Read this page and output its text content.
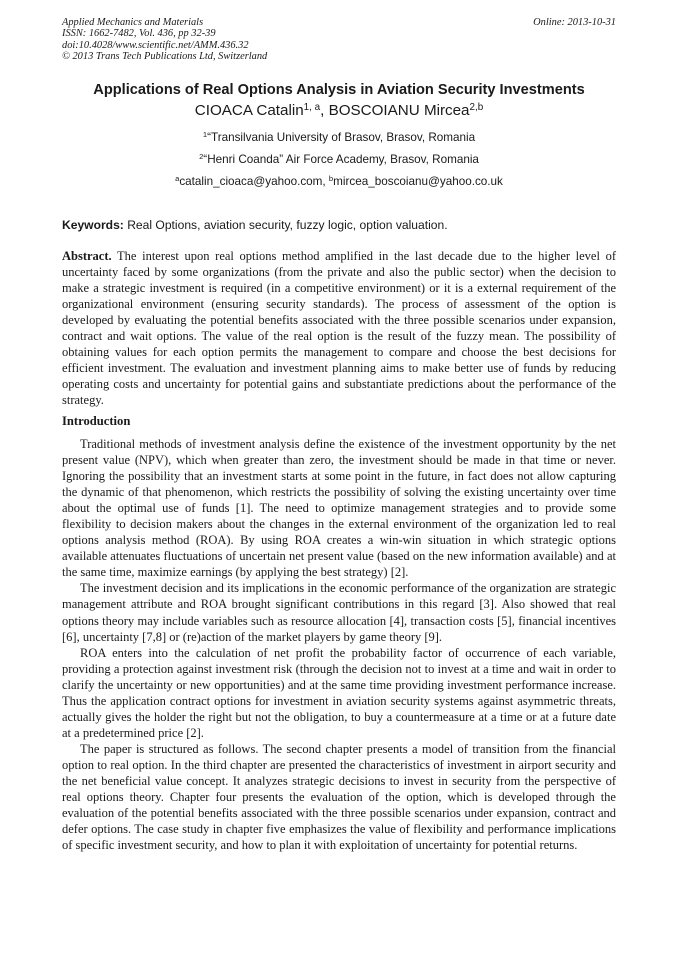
Applied Mechanics and Materials
ISSN: 1662-7482, Vol. 436, pp 32-39
doi:10.4028/www.scientific.net/AMM.436.32
© 2013 Trans Tech Publications Ltd, Switzerland
Online: 2013-10-31
Applications of Real Options Analysis in Aviation Security Investments
CIOACA Catalin$^{1, a}$, BOSCOIANU Mircea$^{2,b}$
$^1$“Transilvania University of Brasov, Brasov, Romania
$^2$“Henri Coanda” Air Force Academy, Brasov, Romania
$^a$catalin_cioaca@yahoo.com, $^b$mircea_boscoianu@yahoo.co.uk
Keywords: Real Options, aviation security, fuzzy logic, option valuation.

Abstract. The interest upon real options method amplified in the last decade due to the higher level of uncertainty faced by some organizations (from the private and also the public sector) when the decision to make a strategic investment is required (in a competitive environment) or it is a external requirement of the organizational environment (ensuring security standards). The process of assessment of the option is developed by evaluating the potential benefits associated with the three possible scenarios under expansion, contract and wait options. The value of the real option is the result of the fuzzy mean. The possibility of obtaining values for each option permits the management to compare and choose the best decisions for efficient investment. The evaluation and investment planning aims to make better use of funds by reducing operating costs and uncertainty for potential gains and substantiate predictions about the performance of the strategy.

Introduction

Traditional methods of investment analysis define the existence of the investment opportunity by the net present value (NPV), which when greater than zero, the investment should be made in that time or never. Ignoring the possibility that an investment starts at some point in the future, in fact does not allow capturing the dynamic of that phenomenon, which restricts the possibility of solving the existing uncertainty over time about the optimal use of funds [1]. The need to optimize management strategies and to provide some flexibility to decision makers about the changes in the external environment of the organization led to real options analysis method (ROA). By using ROA creates a win-win situation in which strategic options available attenuates fluctuations of uncertain net present value (based on the new information available) and at the same time, maximize earnings (by applying the best strategy) [2].

The investment decision and its implications in the economic performance of the organization are strategic management attribute and ROA brought significant contributions in this regard [3]. Also showed that real options theory may include variables such as resource allocation [4], transaction costs [5], financial incentives [6], uncertainty [7,8] or (re)action of the market players by game theory [9].

ROA enters into the calculation of net profit the probability factor of occurrence of each variable, providing a protection against investment risk (through the decision not to invest at a time and wait in order to clarify the uncertainty or new opportunities) and at the same time providing investment performance increase. Thus the application contract options for investment in aviation security systems against asymmetric threats, actually gives the holder the right but not the obligation, to buy a countermeasure at a time or at a future date at a predetermined price [2].

The paper is structured as follows. The second chapter presents a model of transition from the financial option to real option. In the third chapter are presented the characteristics of investment in airport security and the net beneficial value concept. It analyzes strategic decisions to invest in security from the perspective of real options theory. Chapter four presents the evaluation of the option, which is developed through the evaluation of the potential benefits associated with the three possible scenarios under expansion, contract and defer options. The case study in chapter five emphasizes the value of flexibility and performance implications of specific investment security, and how to plan it with exploitation of uncertainty for potential returns.
